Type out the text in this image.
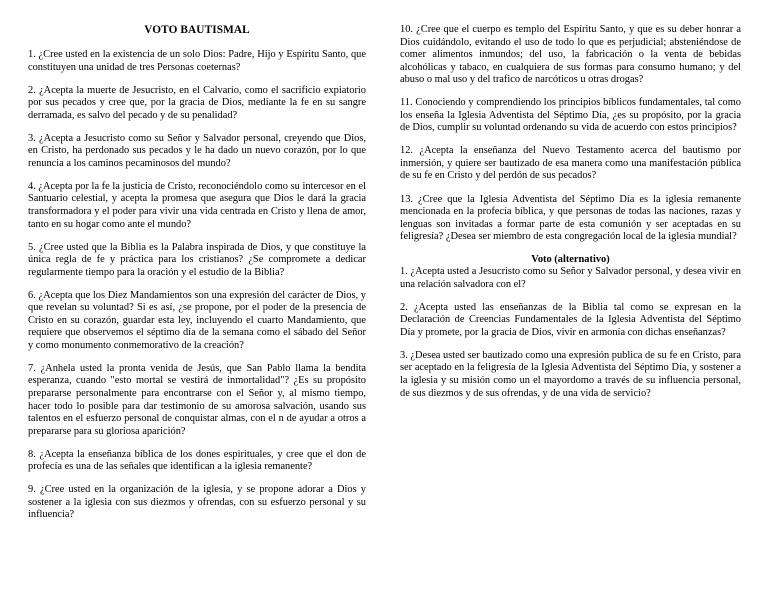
VOTO BAUTISMAL

1. ¿Cree usted en la existencia de un solo Dios: Padre, Hijo y Espíritu Santo, que constituyen una unidad de tres Personas coeternas?

2. ¿Acepta la muerte de Jesucristo, en el Calvario, como el sacrificio expiatorio por sus pecados y cree que, por la gracia de Dios, mediante la fe en su sangre derramada, es salvo del pecado y de su penalidad?

3. ¿Acepta a Jesucristo como su Señor y Salvador personal, creyendo que Dios, en Cristo, ha perdonado sus pecados y le ha dado un nuevo corazón, por lo que renuncia a los caminos pecaminosos del mundo?

4. ¿Acepta por la fe la justicia de Cristo, reconociéndolo como su intercesor en el Santuario celestial, y acepta la promesa que asegura que Dios le dará la gracia transformadora y el poder para vivir una vida centrada en Cristo y llena de amor, tanto en su hogar como ante el mundo?

5. ¿Cree usted que la Biblia es la Palabra inspirada de Dios, y que constituye la única regla de fe y práctica para los cristianos? ¿Se compromete a dedicar regularmente tiempo para la oración y el estudio de la Biblia?

6. ¿Acepta que los Diez Mandamientos son una expresión del carácter de Dios, y que revelan su voluntad? Si es así, ¿se propone, por el poder de la presencia de Cristo en su corazón, guardar esta ley, incluyendo el cuarto Mandamiento, que requiere que observemos el séptimo día de la semana como el sábado del Señor y como monumento conmemorativo de la creación?

7. ¿Anhela usted la pronta venida de Jesús, que San Pablo llama la bendita esperanza, cuando "esto mortal se vestirá de inmortalidad"? ¿Es su propósito prepararse personalmente para encontrarse con el Señor y, al mismo tiempo, hacer todo lo posible para dar testimonio de su amorosa salvación, usando sus talentos en el esfuerzo personal de conquistar almas, con el n de ayudar a otros a prepararse para su gloriosa aparición?

8. ¿Acepta la enseñanza bíblica de los dones espirituales, y cree que el don de profecía es una de las señales que identifican a la iglesia remanente?

9. ¿Cree usted en la organización de la iglesia, y se propone adorar a Dios y sostener a la iglesia con sus diezmos y ofrendas, con su esfuerzo personal y su influencia?

10. ¿Cree que el cuerpo es templo del Espíritu Santo, y que es su deber honrar a Dios cuidándolo, evitando el uso de todo lo que es perjudicial; absteniéndose de comer alimentos inmundos; del uso, la fabricación o la venta de bebidas alcohólicas y tabaco, en cualquiera de sus formas para consumo humano; y del abuso o mal uso y del trafico de narcóticos u otras drogas?

11. Conociendo y comprendiendo los principios bíblicos fundamentales, tal como los enseña la Iglesia Adventista del Séptimo Día, ¿es su propósito, por la gracia de Dios, cumplir su voluntad ordenando su vida de acuerdo con estos principios?

12. ¿Acepta la enseñanza del Nuevo Testamento acerca del bautismo por inmersión, y quiere ser bautizado de esa manera como una manifestación pública de su fe en Cristo y del perdón de sus pecados?

13. ¿Cree que la Iglesia Adventista del Séptimo Día es la iglesia remanente mencionada en la profecía bíblica, y que personas de todas las naciones, razas y lenguas son invitadas a formar parte de esta comunión y ser aceptadas en su feligresía? ¿Desea ser miembro de esta congregación local de la iglesia mundial?

Voto (alternativo)

1. ¿Acepta usted a Jesucristo como su Señor y Salvador personal, y desea vivir en una relación salvadora con el?

2. ¿Acepta usted las enseñanzas de la Biblia tal como se expresan en la Declaración de Creencias Fundamentales de la Iglesia Adventista del Séptimo Día y promete, por la gracia de Dios, vivir en armonía con dichas enseñanzas?

3. ¿Desea usted ser bautizado como una expresión publica de su fe en Cristo, para ser aceptado en la feligresía de la Iglesia Adventista del Séptimo Día, y sostener a la iglesia y su misión como un el mayordomo a través de su influencia personal, de sus diezmos y de sus ofrendas, y de una vida de servicio?
